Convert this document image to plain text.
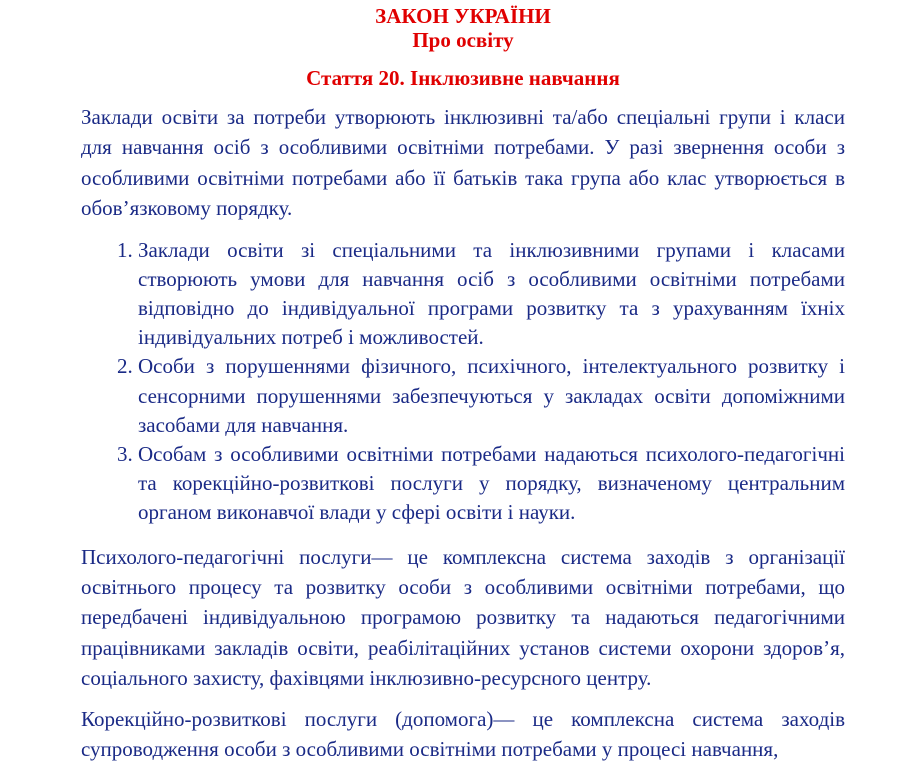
ЗАКОН УКРАЇНИ
Про освіту
Стаття 20. Інклюзивне навчання

Заклади освіти за потреби утворюють інклюзивні та/або спеціальні групи і класи для навчання осіб з особливими освітніми потребами. У разі звернення особи з особливими освітніми потребами або її батьків така група або клас утворюється в обов’язковому порядку.

1. Заклади освіти зі спеціальними та інклюзивними групами і класами створюють умови для навчання осіб з особливими освітніми потребами відповідно до індивідуальної програми розвитку та з урахуванням їхніх індивідуальних потреб і можливостей.
2. Особи з порушеннями фізичного, психічного, інтелектуального розвитку і сенсорними порушеннями забезпечуються у закладах освіти допоміжними засобами для навчання.
3. Особам з особливими освітніми потребами надаються психолого-педагогічні та корекційно-розвиткові послуги у порядку, визначеному центральним органом виконавчої влади у сфері освіти і науки.

Психолого-педагогічні послуги— це комплексна система заходів з організації освітнього процесу та розвитку особи з особливими освітніми потребами, що передбачені індивідуальною програмою розвитку та надаються педагогічними працівниками закладів освіти, реабілітаційних установ системи охорони здоров’я, соціального захисту, фахівцями інклюзивно-ресурсного центру.

Корекційно-розвиткові послуги (допомога)— це комплексна система заходів супроводження особи з особливими освітніми потребами у процесі навчання,
